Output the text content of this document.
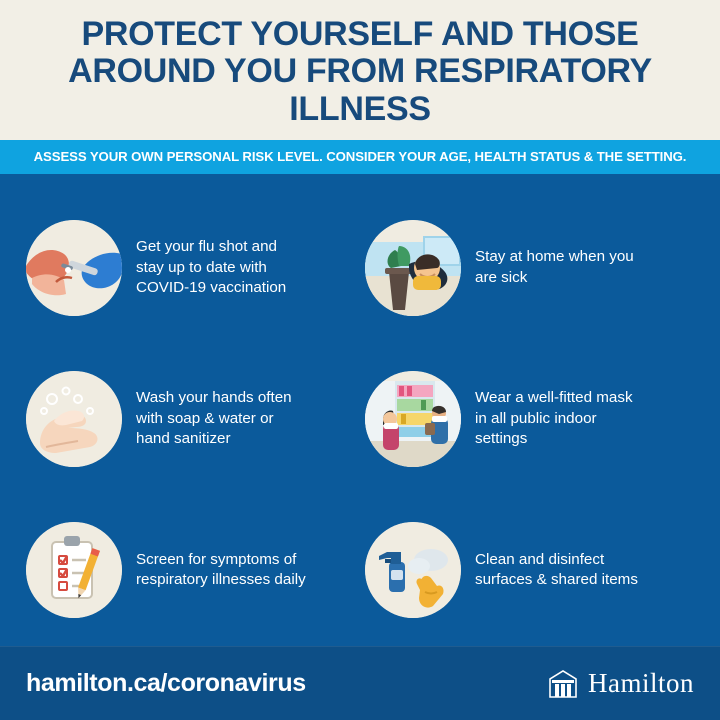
PROTECT YOURSELF AND THOSE AROUND YOU FROM RESPIRATORY ILLNESS

ASSESS YOUR OWN PERSONAL RISK LEVEL. CONSIDER YOUR AGE, HEALTH STATUS & THE SETTING.

Get your flu shot and stay up to date with COVID-19 vaccination
Stay at home when you are sick
Wash your hands often with soap & water or hand sanitizer
Wear a well-fitted mask in all public indoor settings
Screen for symptoms of respiratory illnesses daily
Clean and disinfect surfaces & shared items
hamilton.ca/coronavirus	Hamilton
